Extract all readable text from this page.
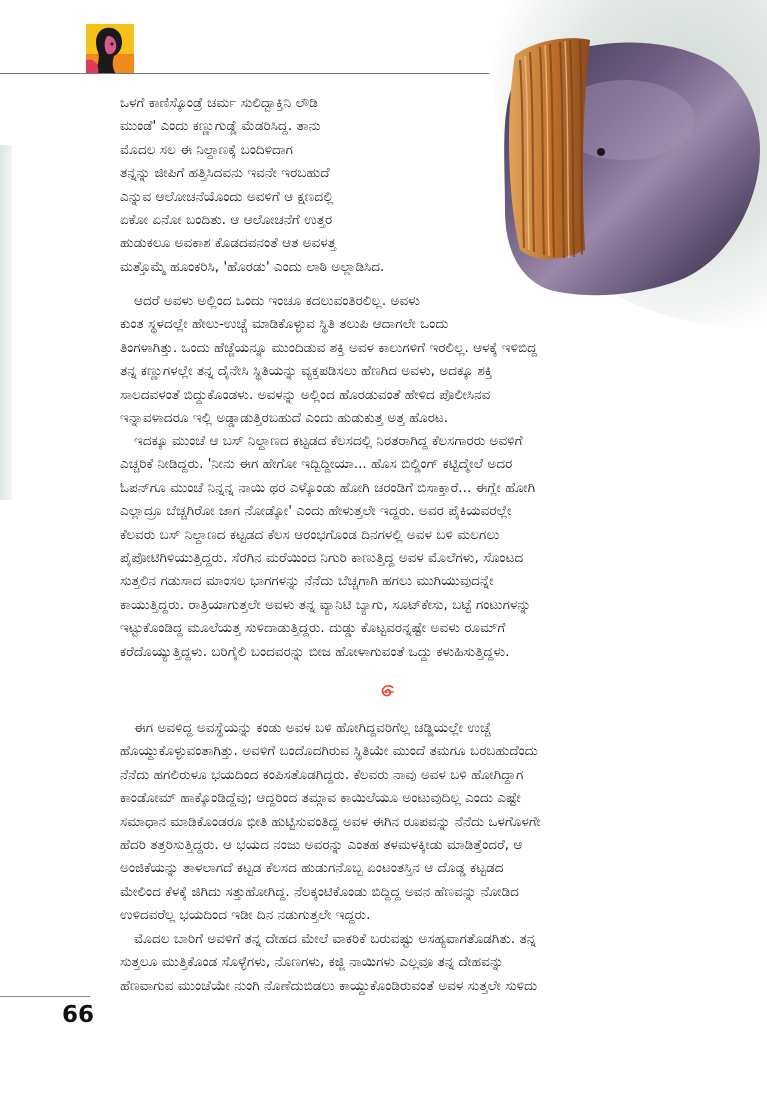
ಒಳಗೆ ಕಾಣಿಸ್ಕೊಂಡ್ರೆ ಚರ್ಮ ಸುಲಿದ್ಬಾಕ್ತಿನಿ ಲೌಡಿ
ಮುಂಡೆ' ಎಂದು ಕಣ್ಣುಗುಡ್ಡೆ ಮೆಡರಿಸಿದ್ದ. ತಾನು
ಮೊದಲ ಸಲ ಈ ನಿಲ್ದಾಣಕ್ಕೆ ಬಂದಿಳಿದಾಗ
ತನ್ನನ್ನು ಜೀಪಿಗೆ ಹತ್ತಿಸಿದವನು ಇವನೇ ಇರಬಹುದೆ
ಎನ್ನುವ ಆಲೋಚನೆಯೊಂದು ಅವಳಿಗೆ ಆ ಕ್ಷಣದಲ್ಲಿ
ಏಕೋ ಏನೋ ಬಂದಿತು. ಆ ಆಲೋಚನೆಗೆ ಉತ್ತರ
ಹುಡುಕಲೂ ಅವಕಾಶ ಕೊಡದವನಂತೆ ಆತ ಅವಳತ್ತ
ಮತ್ತೊಮ್ಮೆ ಹೂಂಕರಿಸಿ, 'ಹೊರಡು' ಎಂದು ಲಾಠಿ ಅಲ್ಲಾಡಿಸಿದ.
ಆದರೆ ಅವಳು ಅಲ್ಲಿಂದ ಒಂದು ಇಂಚೂ ಕದಲುವಂತಿರಲಿಲ್ಲ. ಅವಳು
ಕುಂತ ಸ್ಥಳದಲ್ಲೇ ಹೇಲು-ಉಚ್ಚೆ ಮಾಡಿಕೊಳ್ಳುವ ಸ್ಥಿತಿ ತಲುಪಿ ಆದಾಗಲೇ ಒಂದು
ತಿಂಗಳಾಗಿತ್ತು. ಒಂದು ಹೆಜ್ಜೆಯನ್ನೂ ಮುಂದಿಡುವ ಶಕ್ತಿ ಅವಳ ಕಾಲುಗಳಿಗೆ ಇರಲಿಲ್ಲ. ಆಳಕ್ಕೆ ಇಳಿಬಿದ್ದ
ತನ್ನ ಕಣ್ಣುಗಳಲ್ಲೇ ತನ್ನ ದೈನೇಸಿ ಸ್ಥಿತಿಯನ್ನು ವ್ಯಕ್ತಪಡಿಸಲು ಹೆಣಗಿದ ಅವಳು, ಅದಕ್ಕೂ ಶಕ್ತಿ
ಸಾಲದವಳಂತೆ ಬಿದ್ದುಕೊಂಡಳು. ಅವಳನ್ನು ಅಲ್ಲಿಂದ ಹೊರಡುವಂತೆ ಹೇಳಿದ ಪೊಲೀಸಿನವ
ಇನ್ನಾವಳಾದರೂ ಇಲ್ಲಿ ಅಡ್ಡಾಡುತ್ತಿರಬಹುದೆ ಎಂದು ಹುಡುಕುತ್ತ ಅತ್ತ ಹೊರಟ.
ಇದಕ್ಕೂ ಮುಂಚೆ ಆ ಬಸ್ ನಿಲ್ದಾಣದ ಕಟ್ಟಡದ ಕೆಲಸದಲ್ಲಿ ನಿರತರಾಗಿದ್ದ ಕೆಲಸಗಾರರು ಅವಳಿಗೆ
ಎಚ್ಚರಿಕೆ ನೀಡಿದ್ದರು. 'ನೀನು ಈಗ ಹೇಗೋ ಇದ್ಬಿದ್ದೀಯಾ... ಹೊಸ ಬಿಲ್ಡಿಂಗ್ ಕಟ್ಟಿದ್ಮೇಲೆ ಅದರ
ಓಪನ್‌ಗೂ ಮುಂಚೆ ನಿನ್ನನ್ನ ನಾಯಿ ಥರ ಎಳ್ಕೊಂಡು ಹೋಗಿ ಚರಂಡಿಗೆ ಬಿಸಾಕ್ತಾರೆ... ಈಗ್ಲೇ ಹೋಗಿ
ಎಲ್ಲಾದ್ರೂ ಬೆಚ್ಚಗಿರೋ ಜಾಗ ನೋಡ್ಕೋ' ಎಂದು ಹೇಳುತ್ತಲೇ ಇದ್ದರು. ಅವರ ಪೈಕಿಯವರಲ್ಲೇ
ಕೆಲವರು ಬಸ್ ನಿಲ್ದಾಣದ ಕಟ್ಟಡದ ಕೆಲಸ ಆರಂಭಗೊಂಡ ದಿನಗಳಲ್ಲಿ ಅವಳ ಬಳಿ ಮಲಗಲು
ಪೈಪೋಟಿಗಿಳಿಯುತ್ತಿದ್ದರು. ಸೆರಗಿನ ಮರೆಯಿಂದ ನಿಗುರಿ ಕಾಣುತ್ತಿದ್ದ ಅವಳ ಮೊಲೆಗಳು, ಸೊಂಟದ
ಸುತ್ತಲಿನ ಗಡುಸಾದ ಮಾಂಸಲ ಭಾಗಗಳನ್ನು ನೆನೆದು ಬೆಚ್ಚಗಾಗಿ ಹಗಲು ಮುಗಿಯುವುದನ್ನೇ
ಕಾಯುತ್ತಿದ್ದರು. ರಾತ್ರಿಯಾಗುತ್ತಲೇ ಅವಳು ತನ್ನ ವ್ಯಾನಿಟಿ ಬ್ಯಾಗು, ಸೂಟ್‌ಕೇಸು, ಬಟ್ಟೆ ಗಂಟುಗಳನ್ನು
ಇಟ್ಟುಕೊಂಡಿದ್ದ ಮೂಲೆಯತ್ತ ಸುಳಿದಾಡುತ್ತಿದ್ದರು. ದುಡ್ಡು ಕೊಟ್ಟವರನ್ನಷ್ಟೇ ಅವಳು ರೂಮ್‌ಗೆ
ಕರೆದೊಯ್ಯುತ್ತಿದ್ದಳು. ಬರಿಗೈಲಿ ಬಂದವರನ್ನು ಬೀಜ ಹೋಳಾಗುವಂತೆ ಒದ್ದು ಕಳುಹಿಸುತ್ತಿದ್ದಳು.
ಈಗ ಅವಳಿದ್ದ ಅವಸ್ಥೆಯನ್ನು ಕಂಡು ಅವಳ ಬಳಿ ಹೋಗಿದ್ದವರಿಗೆಲ್ಲ ಚಡ್ಡಿಯಲ್ಲೇ ಉಚ್ಚೆ
ಹೊಯ್ದುಕೊಳ್ಳುವಂತಾಗಿತ್ತು. ಅವಳಿಗೆ ಬಂದೊದಗಿರುವ ಸ್ಥಿತಿಯೇ ಮುಂದೆ ತಮಗೂ ಬರಬಹುದೆಂದು
ನೆನೆದು ಹಗಲಿರುಳೂ ಭಯದಿಂದ ಕಂಪಿಸತೊಡಗಿದ್ದರು. ಕೆಲವರು ನಾವು ಅವಳ ಬಳಿ ಹೋಗಿದ್ದಾಗ
ಕಾಂಡೋಮ್ ಹಾಕ್ಕೊಂಡಿದ್ದೆವು; ಆದ್ದರಿಂದ ತಮ್ಗಾವ ಕಾಯಿಲೆಯೂ ಅಂಟುವುದಿಲ್ಲ ಎಂದು ಎಷ್ಟೇ
ಸಮಾಧಾನ ಮಾಡಿಕೊಂಡರೂ ಭೀತಿ ಹುಟ್ಟಿಸುವಂತಿದ್ದ ಅವಳ ಈಗಿನ ರೂಪವನ್ನು ನೆನೆದು ಒಳಗೊಳಗೇ
ಹೆದರಿ ತತ್ತರಿಸುತ್ತಿದ್ದರು. ಆ ಭಯದ ನಂಜು ಅವರನ್ನು ಎಂತಹ ತಳಮಳಕ್ಕೀಡು ಮಾಡಿತ್ತೆಂದರೆ, ಆ
ಅಂಜಿಕೆಯನ್ನು ತಾಳಲಾಗದೆ ಕಟ್ಟಡ ಕೆಲಸದ ಹುಡುಗನೊಬ್ಬ ಏಂಟಂತಸ್ತಿನ ಆ ದೊಡ್ಡ ಕಟ್ಟಡದ
ಮೇಲಿಂದ ಕೆಳಕ್ಕೆ ಜಿಗಿದು ಸತ್ತುಹೋಗಿದ್ದ. ನೆಲಕ್ಕಂಟಿಕೊಂಡು ಬಿದ್ದಿದ್ದ ಅವನ ಹೆಣವನ್ನು ನೋಡಿದ
ಉಳಿದವರೆಲ್ಲ ಭಯದಿಂದ ಇಡೀ ದಿನ ನಡುಗುತ್ತಲೇ ಇದ್ದರು.
ಮೊದಲ ಬಾರಿಗೆ ಅವಳಿಗೆ ತನ್ನ ದೇಹದ ಮೇಲೆ ವಾಕರಿಕೆ ಬರುವಷ್ಟು ಅಸಹ್ಯವಾಗತೊಡಗಿತು. ತನ್ನ
ಸುತ್ತಲೂ ಮುತ್ತಿಕೊಂಡ ಸೊಳ್ಳೆಗಳು, ನೊಣಗಳು, ಕಜ್ಜಿ ನಾಯಿಗಳು ಎಲ್ಲವೂ ತನ್ನ ದೇಹವನ್ನು
ಹೆಣವಾಗುವ ಮುಂಚೆಯೇ ನುಂಗಿ ನೊಣೆದುಬಿಡಲು ಕಾಯ್ದುಕೊಂಡಿರುವಂತೆ ಅವಳ ಸುತ್ತಲೇ ಸುಳಿದು
66
